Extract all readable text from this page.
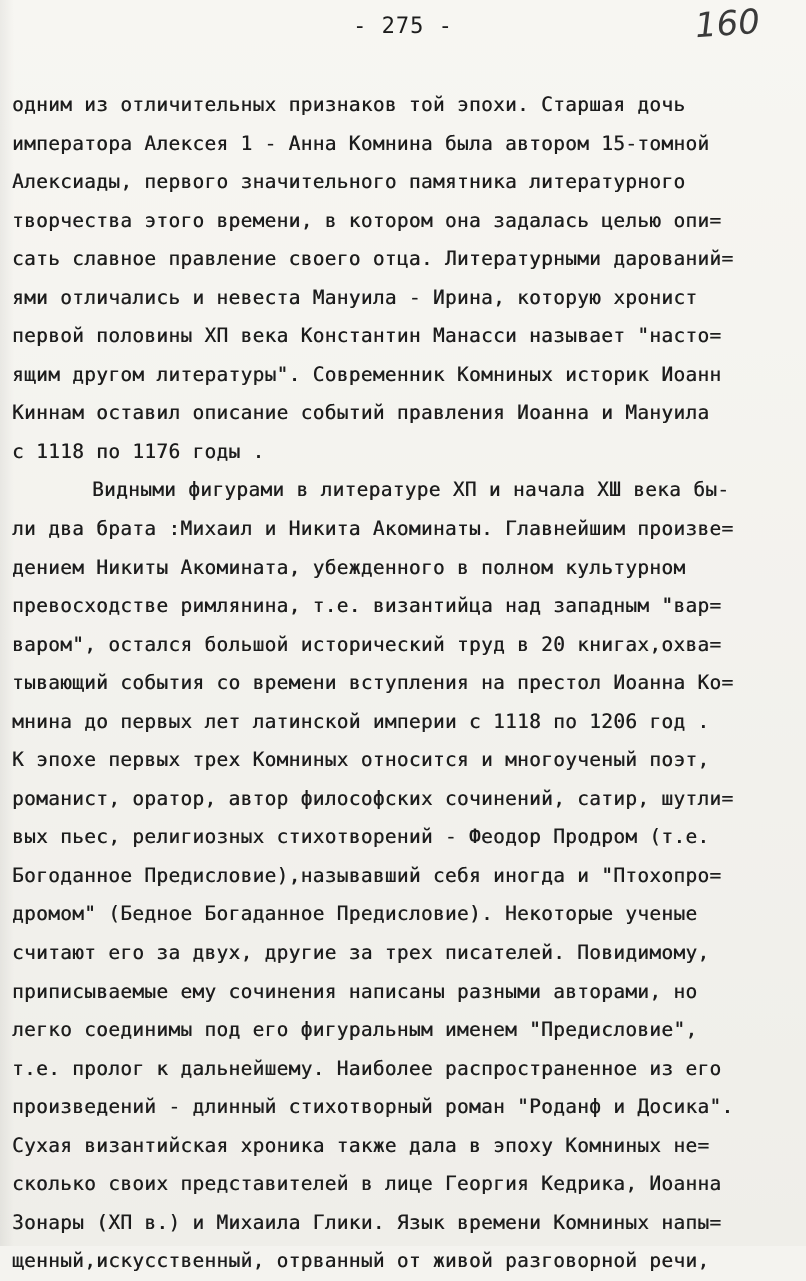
- 275 -	160
одним из отличительных признаков той эпохи. Старшая дочь
императора Алексея 1 - Анна Комнина была автором 15-томной
Алексиады, первого значительного памятника литературного
творчества этого времени, в котором она задалась целью опи=
сать славное правление своего отца. Литературными дарований=
ями отличались и невеста Мануила - Ирина, которую хронист
первой половины XП века Константин Манасси называет "насто=
ящим другом литературы". Современник Комниных историк Иоанн
Киннам оставил описание событий правления Иоанна и Мануила
с 1118 по 1176 годы .
Видными фигурами в литературе XП и начала XШ века бы-
ли два брата :Михаил и Никита Акоминаты. Главнейшим произве=
дением Никиты Акомината, убежденного в полном культурном
превосходстве римлянина, т.е. византийца над западным "вар=
варом", остался большой исторический труд в 20 книгах,охва=
тывающий события со времени вступления на престол Иоанна Ко=
мнина до первых лет латинской империи с 1118 по 1206 год .
К эпохе первых трех Комниных относится и многоученый поэт,
романист, оратор, автор философских сочинений, сатир, шутли=
вых пьес, религиозных стихотворений - Феодор Продром (т.е.
Богоданное Предисловие),называвший себя иногда и "Птохопро=
дромом" (Бедное Богаданное Предисловие). Некоторые ученые
считают его за двух, другие за трех писателей. Повидимому,
приписываемые ему сочинения написаны разными авторами, но
легко соединимы под его фигуральным именем "Предисловие",
т.е. пролог к дальнейшему. Наиболее распространенное из его
произведений - длинный стихотворный роман "Роданф и Досика".
Сухая византийская хроника также дала в эпоху Комниных не=
сколько своих представителей в лице Георгия Кедрика, Иоанна
Зонары (XП в.) и Михаила Глики. Язык времени Комниных напы=
щенный,искусственный, отрванный от живой разговорной речи,
